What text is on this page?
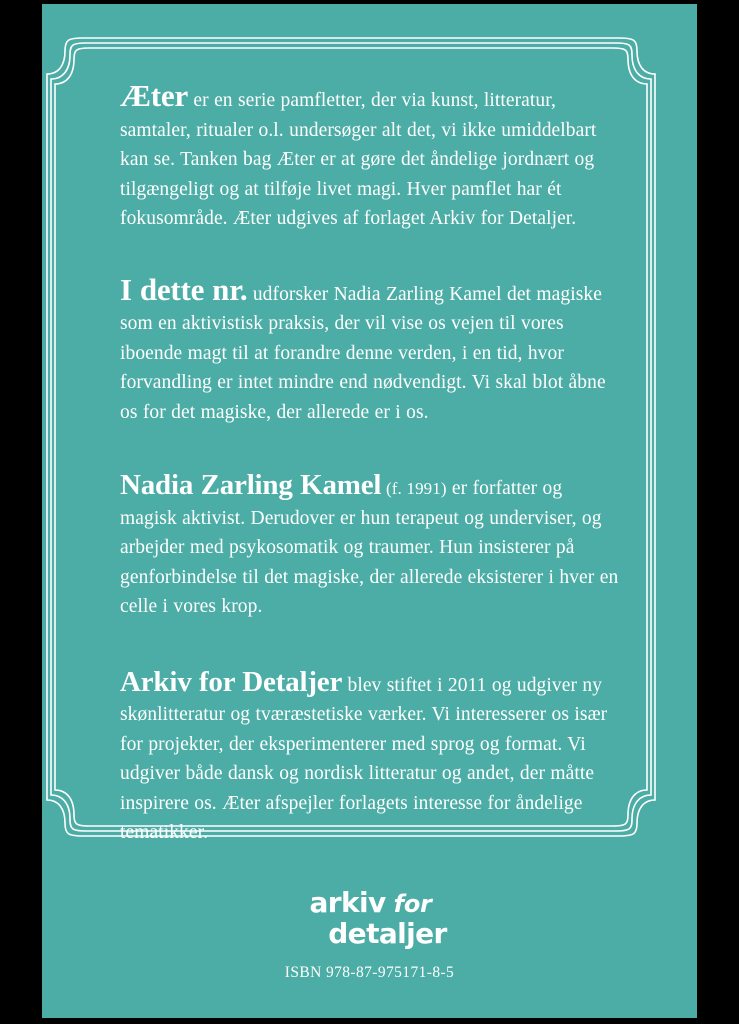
Æter er en serie pamfletter, der via kunst, litteratur, samtaler, ritualer o.l. undersøger alt det, vi ikke umiddelbart kan se. Tanken bag Æter er at gøre det åndelige jordnært og tilgængeligt og at tilføje livet magi. Hver pamflet har ét fokusområde. Æter udgives af forlaget Arkiv for Detaljer.

I dette nr. udforsker Nadia Zarling Kamel det magiske som en aktivistisk praksis, der vil vise os vejen til vores iboende magt til at forandre denne verden, i en tid, hvor forvandling er intet mindre end nødvendigt. Vi skal blot åbne os for det magiske, der allerede er i os.

Nadia Zarling Kamel (f. 1991) er forfatter og magisk aktivist. Derudover er hun terapeut og underviser, og arbejder med psykosomatik og traumer. Hun insisterer på genforbindelse til det magiske, der allerede eksisterer i hver en celle i vores krop.

Arkiv for Detaljer blev stiftet i 2011 og udgiver ny skønlitteratur og tværæstetiske værker. Vi interesserer os især for projekter, der eksperimenterer med sprog og format. Vi udgiver både dansk og nordisk litteratur og andet, der måtte inspirere os. Æter afspejler forlagets interesse for åndelige tematikker.

arkiv for
detaljer
ISBN 978-87-975171-8-5
